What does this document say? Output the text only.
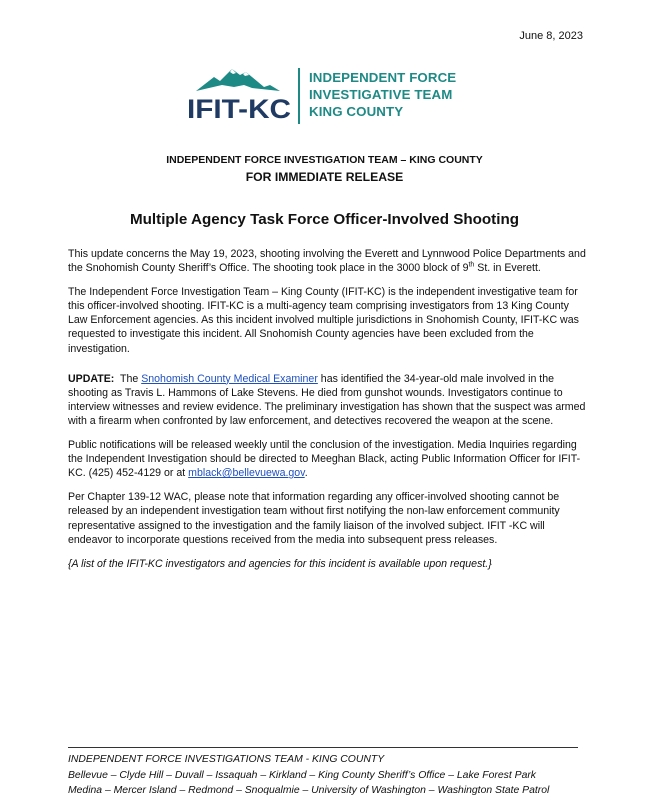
June 8, 2023
IFIT-KC
INDEPENDENT FORCE
INVESTIGATIVE TEAM
KING COUNTY
INDEPENDENT FORCE INVESTIGATION TEAM – KING COUNTY
FOR IMMEDIATE RELEASE
Multiple Agency Task Force Officer-Involved Shooting

This update concerns the May 19, 2023, shooting involving the Everett and Lynnwood Police Departments and the Snohomish County Sheriff’s Office. The shooting took place in the 3000 block of 9th St. in Everett.

The Independent Force Investigation Team – King County (IFIT-KC) is the independent investigative team for this officer-involved shooting. IFIT-KC is a multi-agency team comprising investigators from 13 King County Law Enforcement agencies. As this incident involved multiple jurisdictions in Snohomish County, IFIT-KC was requested to investigate this incident. All Snohomish County agencies have been excluded from the investigation.

UPDATE:  The Snohomish County Medical Examiner has identified the 34-year-old male involved in the shooting as Travis L. Hammons of Lake Stevens. He died from gunshot wounds. Investigators continue to interview witnesses and review evidence. The preliminary investigation has shown that the suspect was armed with a firearm when confronted by law enforcement, and detectives recovered the weapon at the scene.

Public notifications will be released weekly until the conclusion of the investigation. Media Inquiries regarding the Independent Investigation should be directed to Meeghan Black, acting Public Information Officer for IFIT-KC. (425) 452-4129 or at mblack@bellevuewa.gov.

Per Chapter 139-12 WAC, please note that information regarding any officer-involved shooting cannot be released by an independent investigation team without first notifying the non-law enforcement community representative assigned to the investigation and the family liaison of the involved subject. IFIT -KC will endeavor to incorporate questions received from the media into subsequent press releases.

{A list of the IFIT-KC investigators and agencies for this incident is available upon request.}

INDEPENDENT FORCE INVESTIGATIONS TEAM - KING COUNTY
Bellevue – Clyde Hill – Duvall – Issaquah – Kirkland – King County Sheriff’s Office – Lake Forest Park
Medina – Mercer Island – Redmond – Snoqualmie – University of Washington – Washington State Patrol
